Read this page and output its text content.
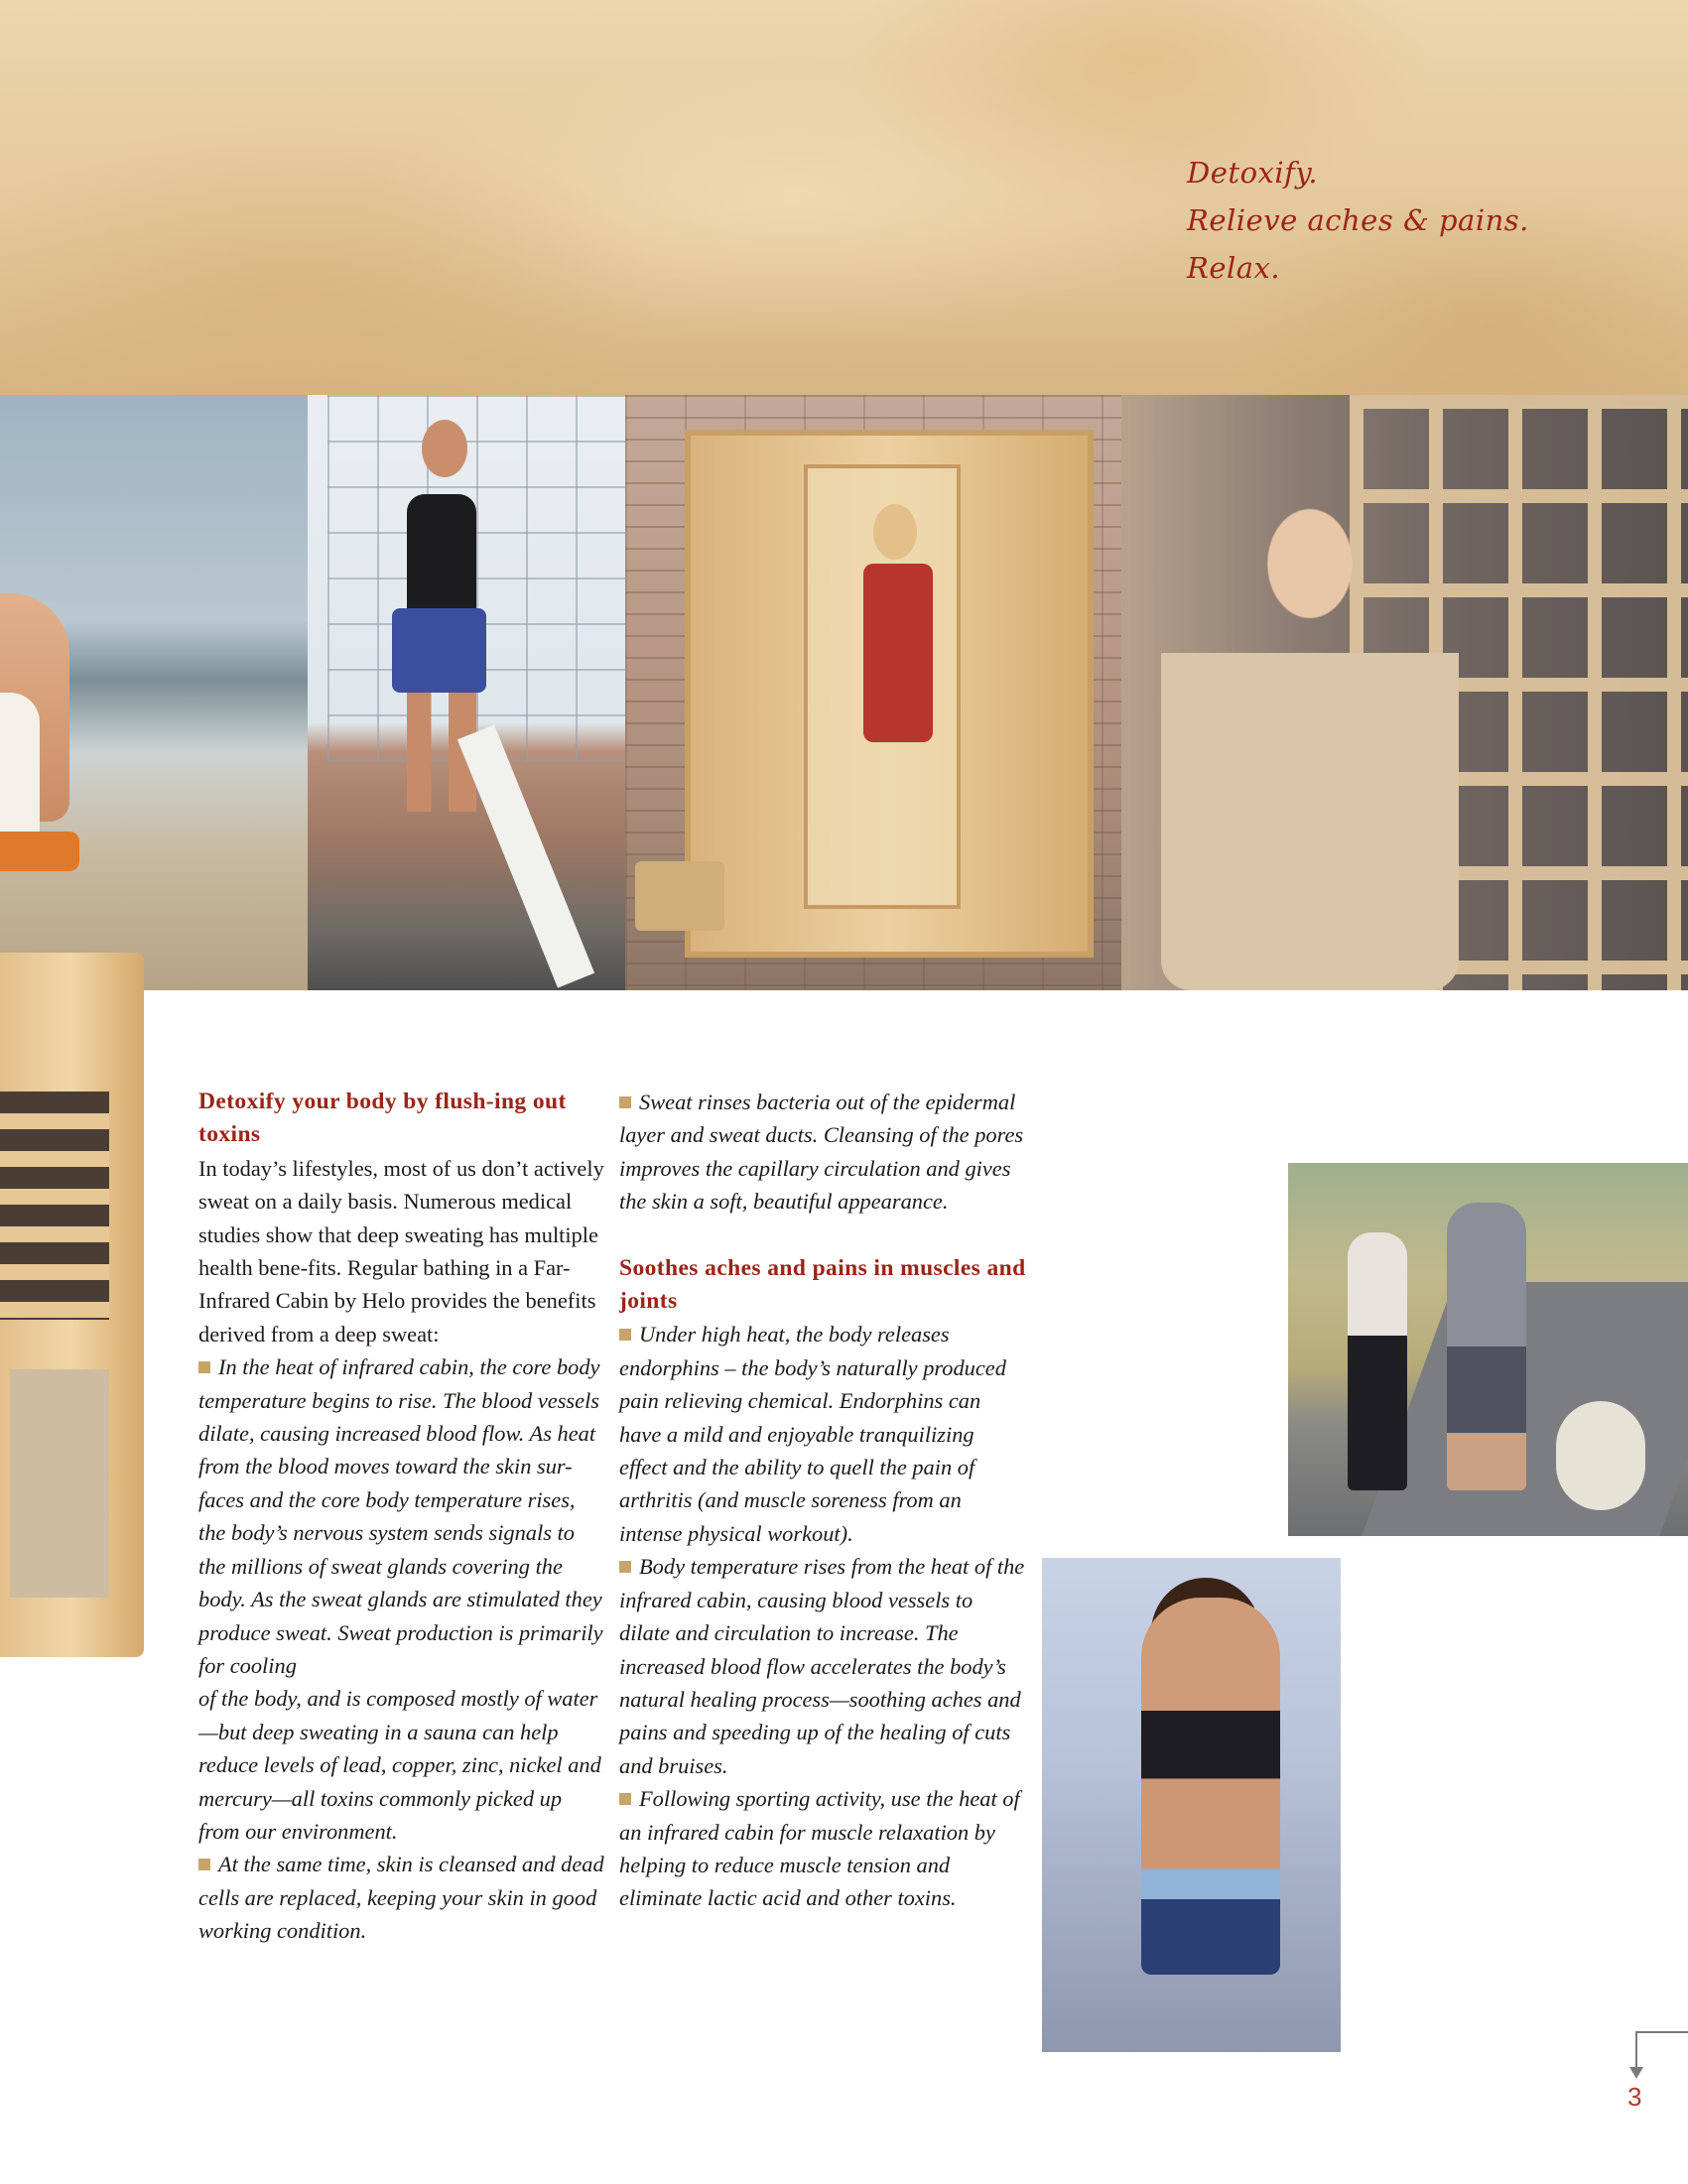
Detoxify.
Relieve aches & pains.
Relax.

Detoxify your body by flush-ing out toxins

In today’s lifestyles, most of us don’t actively sweat on a daily basis. Numerous medical studies show that deep sweating has multiple health bene-fits. Regular bathing in a Far-Infrared Cabin by Helo provides the benefits derived from a deep sweat:

In the heat of infrared cabin, the core body temperature begins to rise. The blood vessels dilate, causing increased blood flow. As heat from the blood moves toward the skin sur-faces and the core body temperature rises, the body’s nervous system sends signals to the millions of sweat glands covering the body. As the sweat glands are stimulated they produce sweat. Sweat production is primarily for cooling

of the body, and is composed mostly of water—but deep sweating in a sauna can help reduce levels of lead, copper, zinc, nickel and mercury—all toxins commonly picked up from our environment.

At the same time, skin is cleansed and dead cells are replaced, keeping your skin in good working condition.

Sweat rinses bacteria out of the epidermal layer and sweat ducts. Cleansing of the pores improves the capillary circulation and gives the skin a soft, beautiful appearance.

Soothes aches and pains in muscles and joints

Under high heat, the body releases endorphins – the body’s naturally produced pain relieving chemical. Endorphins can have a mild and enjoyable tranquilizing effect and the ability to quell the pain of arthritis (and muscle soreness from an intense physical workout).

Body temperature rises from the heat of the infrared cabin, causing blood vessels to dilate and circulation to increase. The increased blood flow accelerates the body’s natural healing process—soothing aches and pains and speeding up of the healing of cuts and bruises.

Following sporting activity, use the heat of an infrared cabin for muscle relaxation by helping to reduce muscle tension and eliminate lactic acid and other toxins.

3
